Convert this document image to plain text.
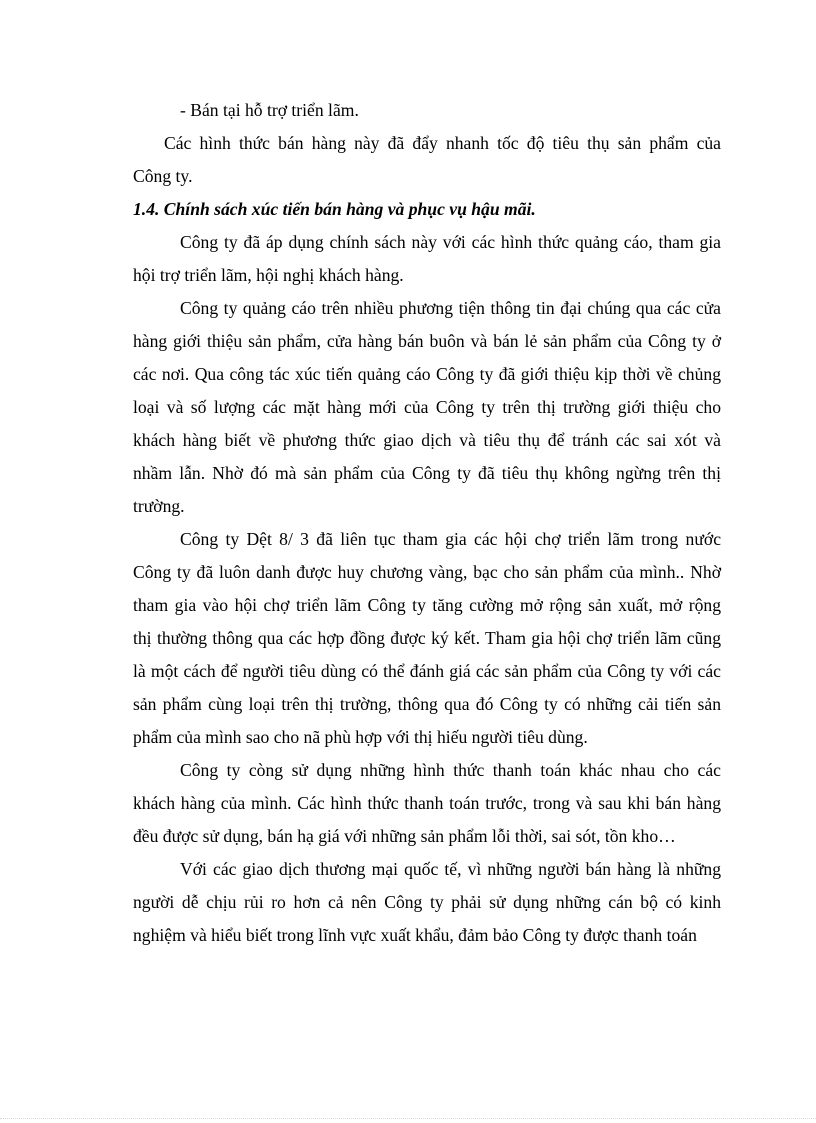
- Bán tại hỗ trợ triển lãm.
Các hình thức bán hàng này đã đẩy nhanh tốc độ tiêu thụ sản phẩm của
Công ty.
1.4. Chính sách xúc tiến bán hàng và phục vụ hậu mãi.
Công ty đã áp dụng chính sách này với các hình thức quảng cáo, tham gia
hội trợ triển lãm, hội nghị khách hàng.
Công ty quảng cáo trên nhiều phương tiện thông tin đại chúng qua các cửa
hàng giới thiệu sản phẩm, cửa hàng bán buôn và bán lẻ sản phẩm của Công ty ở
các nơi. Qua công tác xúc tiến quảng cáo Công ty đã giới thiệu kịp thời về chủng
loại và số lượng các mặt hàng mới của Công ty trên thị trường giới thiệu cho
khách hàng biết về phương thức giao dịch và tiêu thụ để tránh các sai xót và
nhầm lẫn. Nhờ đó mà sản phẩm của Công ty đã tiêu thụ không ngừng trên thị
trường.
Công ty Dệt 8/ 3 đã liên tục tham gia các hội chợ triển lãm trong nước
Công ty đã luôn danh được huy chương vàng, bạc cho sản phẩm của mình.. Nhờ
tham gia vào hội chợ triển lãm Công ty tăng cường mở rộng sản xuất, mở rộng
thị thường thông qua các hợp đồng được ký kết. Tham gia hội chợ triển lãm cũng
là một cách để người tiêu dùng có thể đánh giá các sản phẩm của Công ty với các
sản phẩm cùng loại trên thị trường, thông qua đó Công ty có những cải tiến sản
phẩm của mình sao cho nã phù hợp với thị hiếu người tiêu dùng.
Công ty còng sử dụng những hình thức thanh toán khác nhau cho các
khách hàng của mình. Các hình thức thanh toán trước, trong và sau khi bán hàng
đều được sử dụng, bán hạ giá với những sản phẩm lỗi thời, sai sót, tồn kho…
Với các giao dịch thương mại quốc tế, vì những người bán hàng là những
người dễ chịu rủi ro hơn cả nên Công ty phải sử dụng những cán bộ có kinh
nghiệm và hiểu biết trong lĩnh vực xuất khẩu, đảm bảo Công ty được thanh toán
